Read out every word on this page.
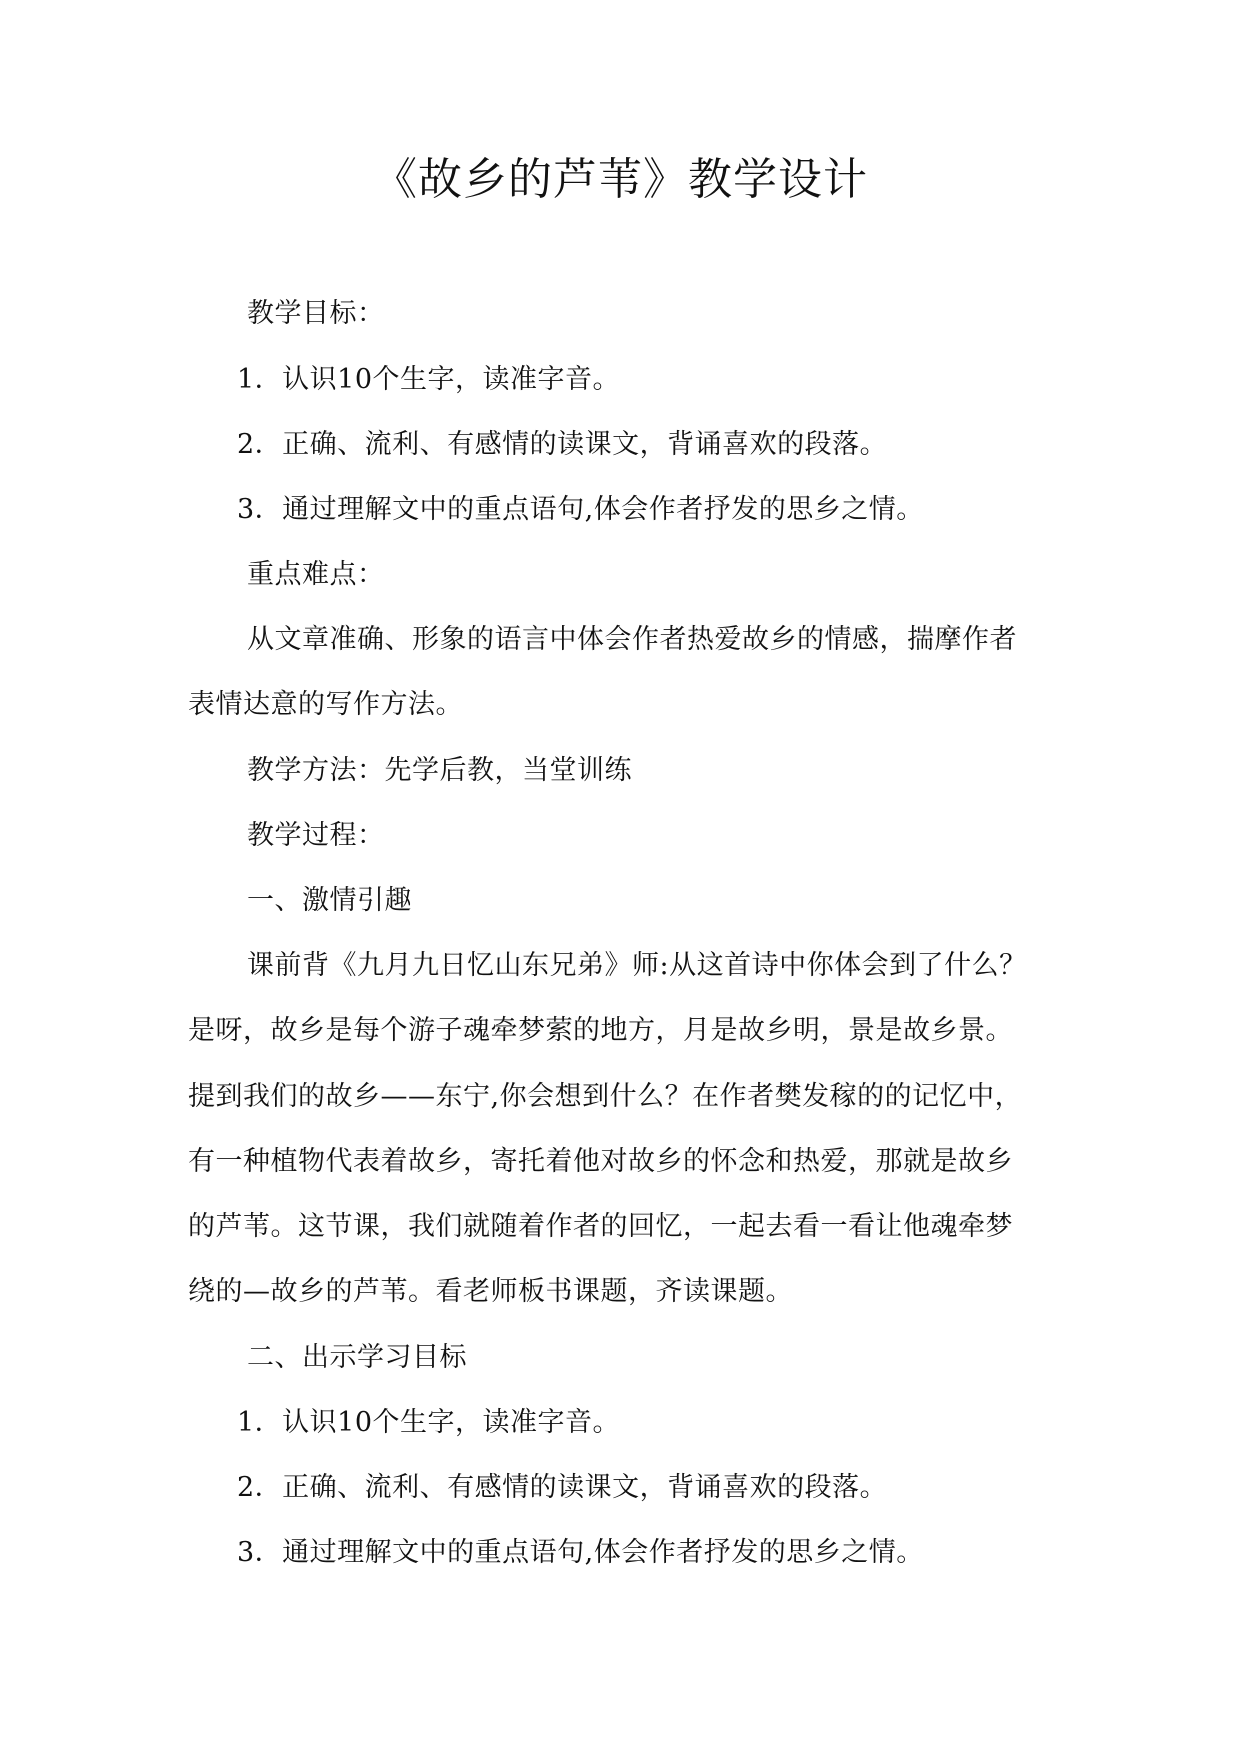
《故乡的芦苇》教学设计
教学目标：
1．认识10个生字，读准字音。
2．正确、流利、有感情的读课文，背诵喜欢的段落。
3．通过理解文中的重点语句,体会作者抒发的思乡之情。
重点难点：
从文章准确、形象的语言中体会作者热爱故乡的情感，揣摩作者
表情达意的写作方法。
教学方法：先学后教，当堂训练
教学过程：
一、激情引趣
课前背《九月九日忆山东兄弟》师:从这首诗中你体会到了什么？
是呀，故乡是每个游子魂牵梦萦的地方，月是故乡明，景是故乡景。
提到我们的故乡——东宁,你会想到什么？在作者樊发稼的的记忆中，
有一种植物代表着故乡，寄托着他对故乡的怀念和热爱，那就是故乡
的芦苇。这节课，我们就随着作者的回忆，一起去看一看让他魂牵梦
绕的—故乡的芦苇。看老师板书课题，齐读课题。
二、出示学习目标
1．认识10个生字，读准字音。
2．正确、流利、有感情的读课文，背诵喜欢的段落。
3．通过理解文中的重点语句,体会作者抒发的思乡之情。
